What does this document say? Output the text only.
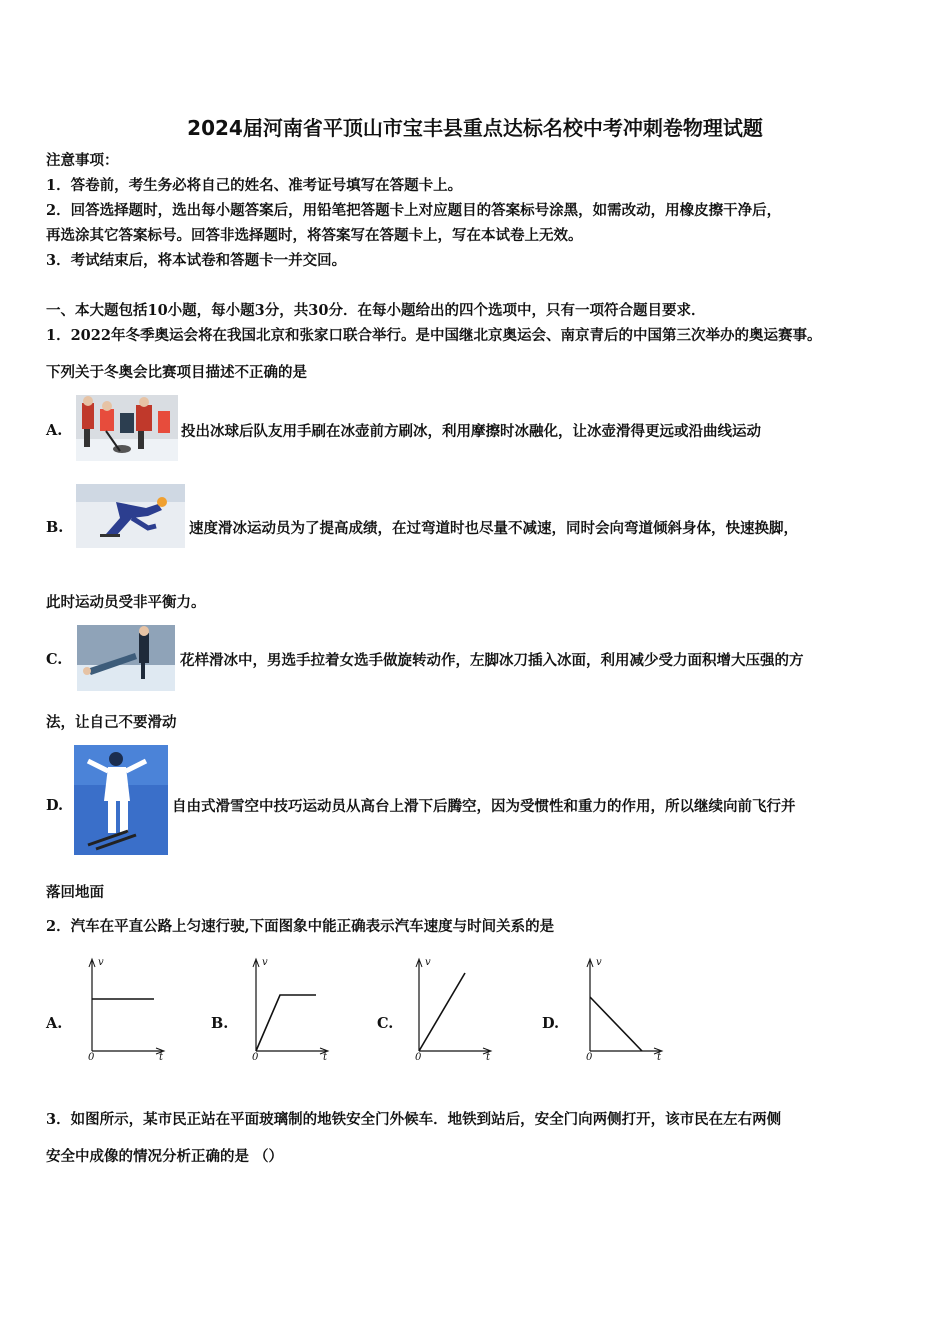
2024届河南省平顶山市宝丰县重点达标名校中考冲刺卷物理试题
注意事项：
1．答卷前，考生务必将自己的姓名、准考证号填写在答题卡上。
2．回答选择题时，选出每小题答案后，用铅笔把答题卡上对应题目的答案标号涂黑，如需改动，用橡皮擦干净后，
再选涂其它答案标号。回答非选择题时，将答案写在答题卡上，写在本试卷上无效。
3．考试结束后，将本试卷和答题卡一并交回。
一、本大题包括10小题，每小题3分，共30分．在每小题给出的四个选项中，只有一项符合题目要求．
1．2022年冬季奥运会将在我国北京和张家口联合举行。是中国继北京奥运会、南京青后的中国第三次举办的奥运赛事。
下列关于冬奥会比赛项目描述不正确的是
A.	投出冰球后队友用手刷在冰壶前方刷冰，利用摩擦时冰融化，让冰壶滑得更远或沿曲线运动
B.	速度滑冰运动员为了提高成绩，在过弯道时也尽量不减速，同时会向弯道倾斜身体，快速换脚，
此时运动员受非平衡力。
C.	花样滑冰中，男选手拉着女选手做旋转动作，左脚冰刀插入冰面，利用减少受力面积增大压强的方
法，让自己不要滑动
D.	自由式滑雪空中技巧运动员从高台上滑下后腾空，因为受惯性和重力的作用，所以继续向前飞行并
落回地面
2．汽车在平直公路上匀速行驶,下面图象中能正确表示汽车速度与时间关系的是
A.
v
t
0
B.
v
t
0
C.
v
t
0
D.
v
t
0
3．如图所示，某市民正站在平面玻璃制的地铁安全门外候车．地铁到站后，安全门向两侧打开，该市民在左右两侧
安全中成像的情况分析正确的是 （）
